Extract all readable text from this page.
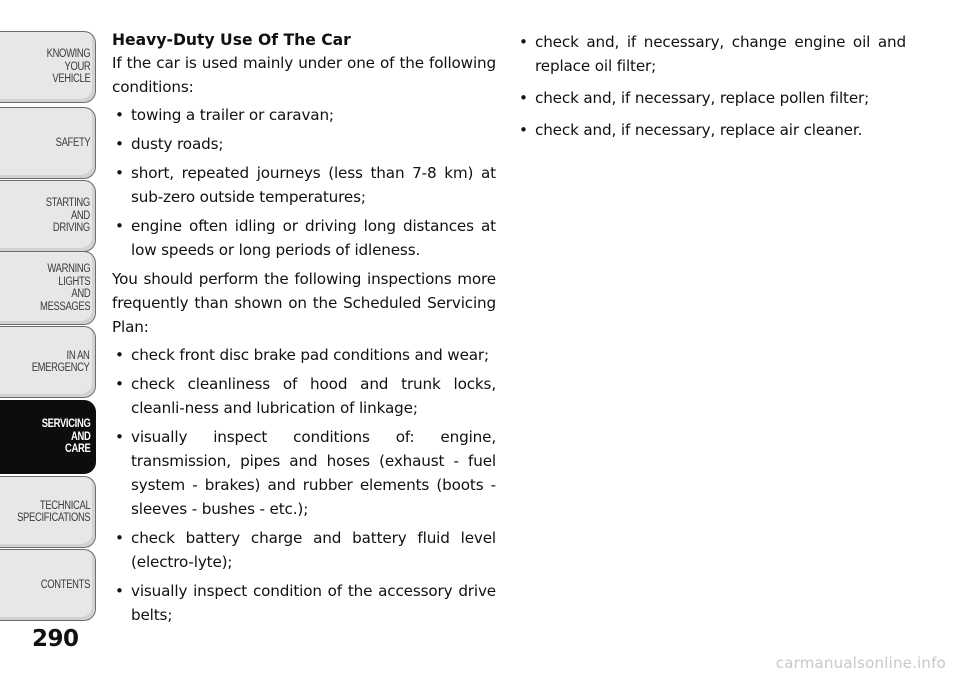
KNOWING
YOUR
VEHICLE
SAFETY
STARTING
AND
DRIVING
WARNING
LIGHTS
AND
MESSAGES
IN AN
EMERGENCY
SERVICING
AND
CARE
TECHNICAL
SPECIFICATIONS
CONTENTS
290
Heavy-Duty Use Of The Car

If the car is used mainly under one of the following conditions:

• towing a trailer or caravan;
• dusty roads;
• short, repeated journeys (less than 7-8 km) at sub-zero outside temperatures;
• engine often idling or driving long distances at low speeds or long periods of idleness.

You should perform the following inspections more frequently than shown on the Scheduled Servicing Plan:

• check front disc brake pad conditions and wear;
• check cleanliness of hood and trunk locks, cleanli-ness and lubrication of linkage;
• visually inspect conditions of: engine, transmission, pipes and hoses (exhaust - fuel system - brakes) and rubber elements (boots - sleeves - bushes - etc.);
• check battery charge and battery fluid level (electro-lyte);
• visually inspect condition of the accessory drive belts;
• check and, if necessary, change engine oil and replace oil filter;
• check and, if necessary, replace pollen filter;
• check and, if necessary, replace air cleaner.
carmanualsonline.info
